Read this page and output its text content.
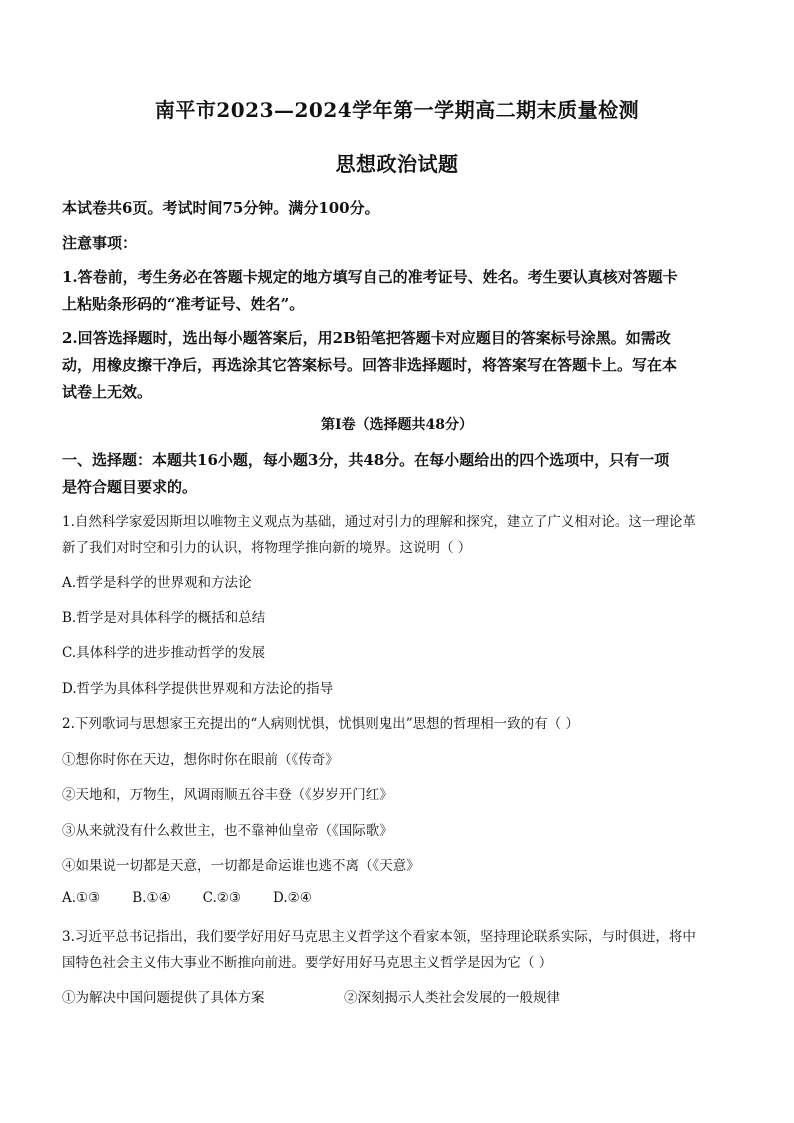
南平市2023—2024学年第一学期高二期末质量检测
思想政治试题
本试卷共6页。考试时间75分钟。满分100分。
注意事项：
1.答卷前，考生务必在答题卡规定的地方填写自己的准考证号、姓名。考生要认真核对答题卡
上粘贴条形码的“准考证号、姓名”。
2.回答选择题时，选出每小题答案后，用2B铅笔把答题卡对应题目的答案标号涂黑。如需改
动，用橡皮擦干净后，再选涂其它答案标号。回答非选择题时，将答案写在答题卡上。写在本
试卷上无效。
第Ⅰ卷（选择题共48分）
一、选择题：本题共16小题，每小题3分，共48分。在每小题给出的四个选项中，只有一项
是符合题目要求的。
1.自然科学家爱因斯坦以唯物主义观点为基础，通过对引力的理解和探究，建立了广义相对论。这一理论革
新了我们对时空和引力的认识，将物理学推向新的境界。这说明（ ）
A.哲学是科学的世界观和方法论
B.哲学是对具体科学的概括和总结
C.具体科学的进步推动哲学的发展
D.哲学为具体科学提供世界观和方法论的指导
2.下列歌词与思想家王充提出的“人病则忧惧，忧惧则鬼出”思想的哲理相一致的有（ ）
①想你时你在天边，想你时你在眼前（《传奇》
②天地和，万物生，风调雨顺五谷丰登（《岁岁开门红》
③从来就没有什么救世主，也不靠神仙皇帝（《国际歌》
④如果说一切都是天意，一切都是命运谁也逃不离（《天意》
A.①③ B.①④ C.②③ D.②④
3.习近平总书记指出，我们要学好用好马克思主义哲学这个看家本领，坚持理论联系实际，与时俱进，将中
国特色社会主义伟大事业不断推向前进。要学好用好马克思主义哲学是因为它（ ）
①为解决中国问题提供了具体方案	②深刻揭示人类社会发展的一般规律
